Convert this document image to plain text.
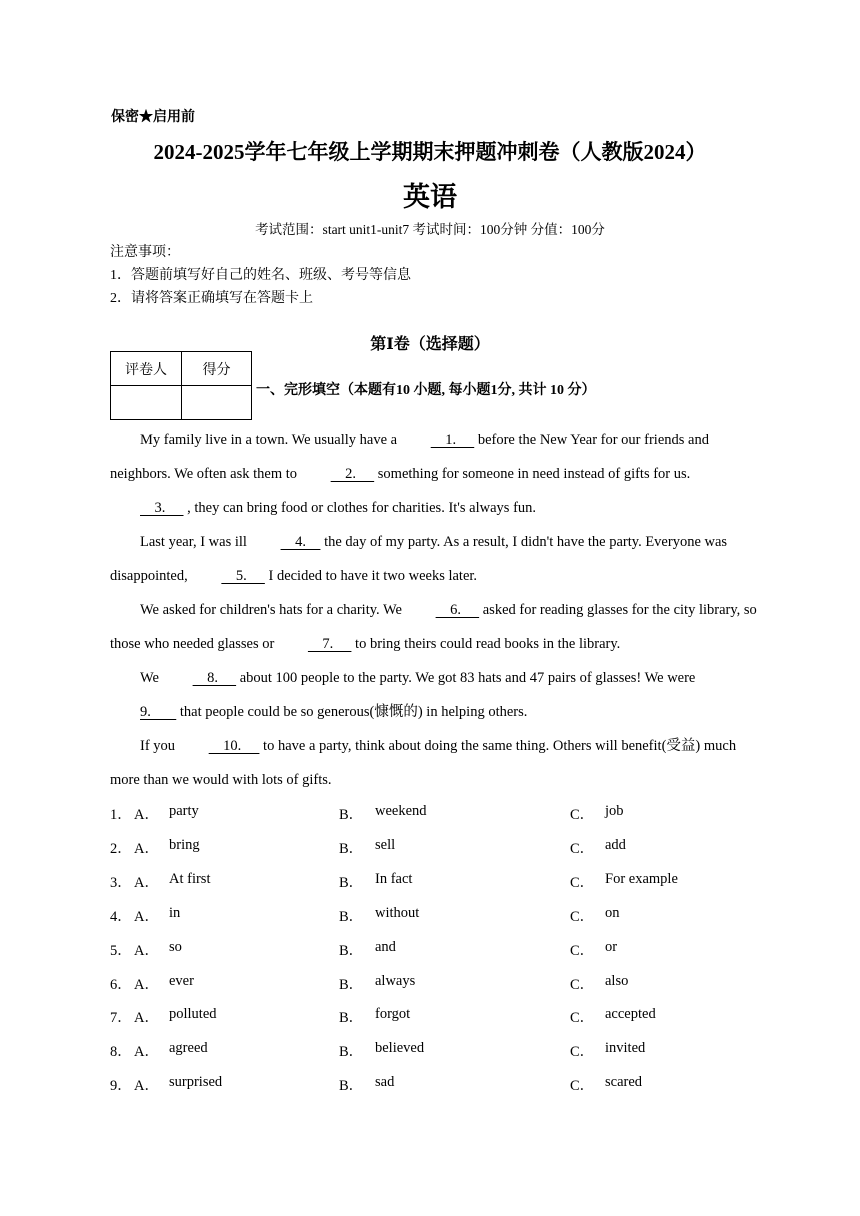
保密★启用前
2024-2025学年七年级上学期期末押题冲刺卷（人教版2024）
英语
考试范围：start unit1-unit7 考试时间：100分钟 分值：100分
注意事项：
1．答题前填写好自己的姓名、班级、考号等信息
2．请将答案正确填写在答题卡上
第Ⅰ卷（选择题）
评卷人	得分

一、完形填空（本题有10 小题, 每小题1分, 共计 10 分）

My family live in a town. We usually have a     1.      before the New Year for our friends and neighbors. We often ask them to     2.      something for someone in need instead of gifts for us.     3.      , they can bring food or clothes for charities. It's always fun.

Last year, I was ill     4.     the day of my party. As a result, I didn't have the party. Everyone was disappointed,     5.      I decided to have it two weeks later.

We asked for children's hats for a charity. We     6.      asked for reading glasses for the city library, so those who needed glasses or     7.      to bring theirs could read books in the library.

We     8.      about 100 people to the party. We got 83 hats and 47 pairs of glasses! We were 9.        that people could be so generous(慷慨的) in helping others.

If you     10.      to have a party, think about doing the same thing. Others will benefit(受益) much more than we would with lots of gifts.

1． A． party	B． weekend	C． job
2． A． bring	B． sell	C． add
3． A． At first	B． In fact	C． For example
4． A． in	B． without	C． on
5． A． so	B． and	C． or
6． A． ever	B． always	C． also
7． A． polluted	B． forgot	C． accepted
8． A． agreed	B． believed	C． invited
9． A． surprised	B． sad	C． scared
